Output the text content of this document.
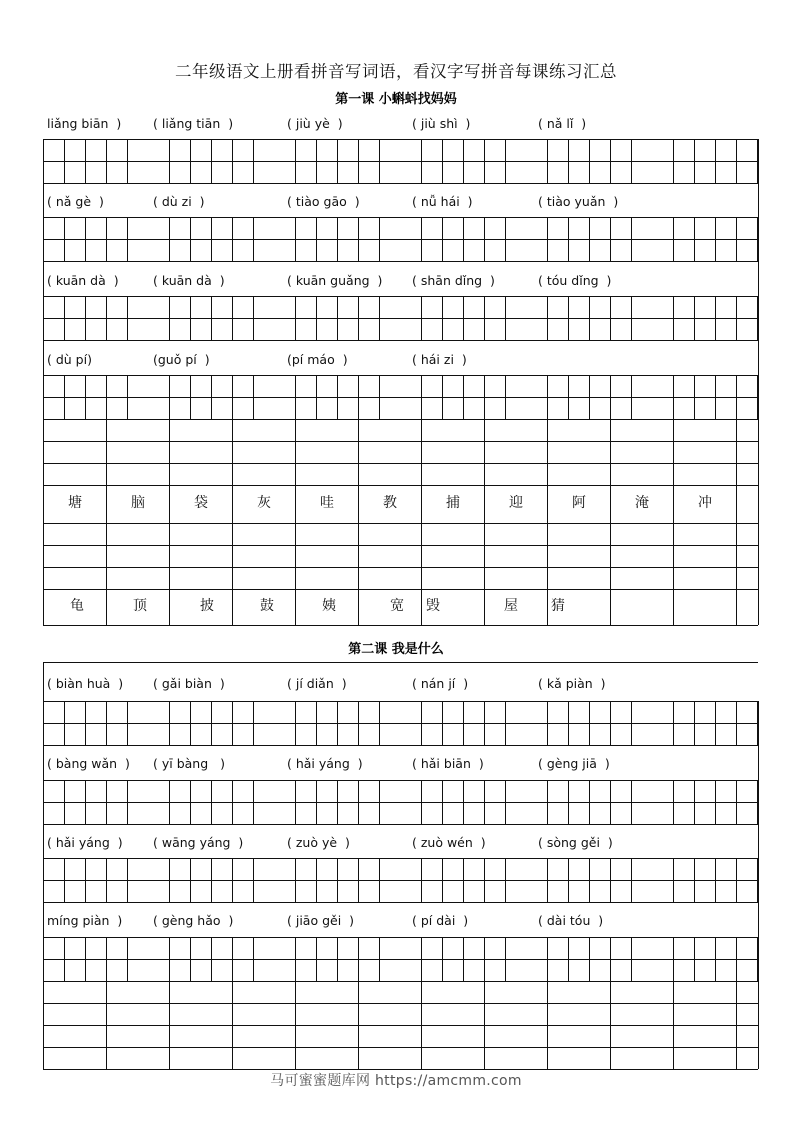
二年级语文上册看拼音写词语，看汉字写拼音每课练习汇总
第一课 小蝌蚪找妈妈
第二课 我是什么
liǎng biān  )	( liǎng tiān  )	( jiù yè  )	( jiù shì  )	( nǎ lǐ  )
( nǎ gè  )	( dù zi  )	( tiào gāo  )	( nǚ hái  )	( tiào yuǎn  )
( kuān dà  )	( kuān dà  )	( kuān guǎng  ) ( shān dǐng  )	( tóu dǐng  )
( dù pí)	(guǒ pí  )	(pí máo  )	( hái zi  )
塘	脑	袋	灰	哇	教	捕	迎	阿	淹	冲
龟	顶	披	鼓	姨	宽	毁	屋	猜
( biàn huà  ) ( gǎi biàn  )	( jí diǎn  )	( nán jí  )	( kǎ piàn  )
( bàng wǎn  ) ( yī bàng   )	( hǎi yáng  )	( hǎi biān  )	( gèng jiā  )
( hǎi yáng  ) ( wāng yáng  )	( zuò yè  )	( zuò wén  )	( sòng gěi  )
míng piàn  ) ( gèng hǎo  )	( jiāo gěi  )	( pí dài  )	( dài tóu  )
马可蜜蜜题库网 https://amcmm.com
